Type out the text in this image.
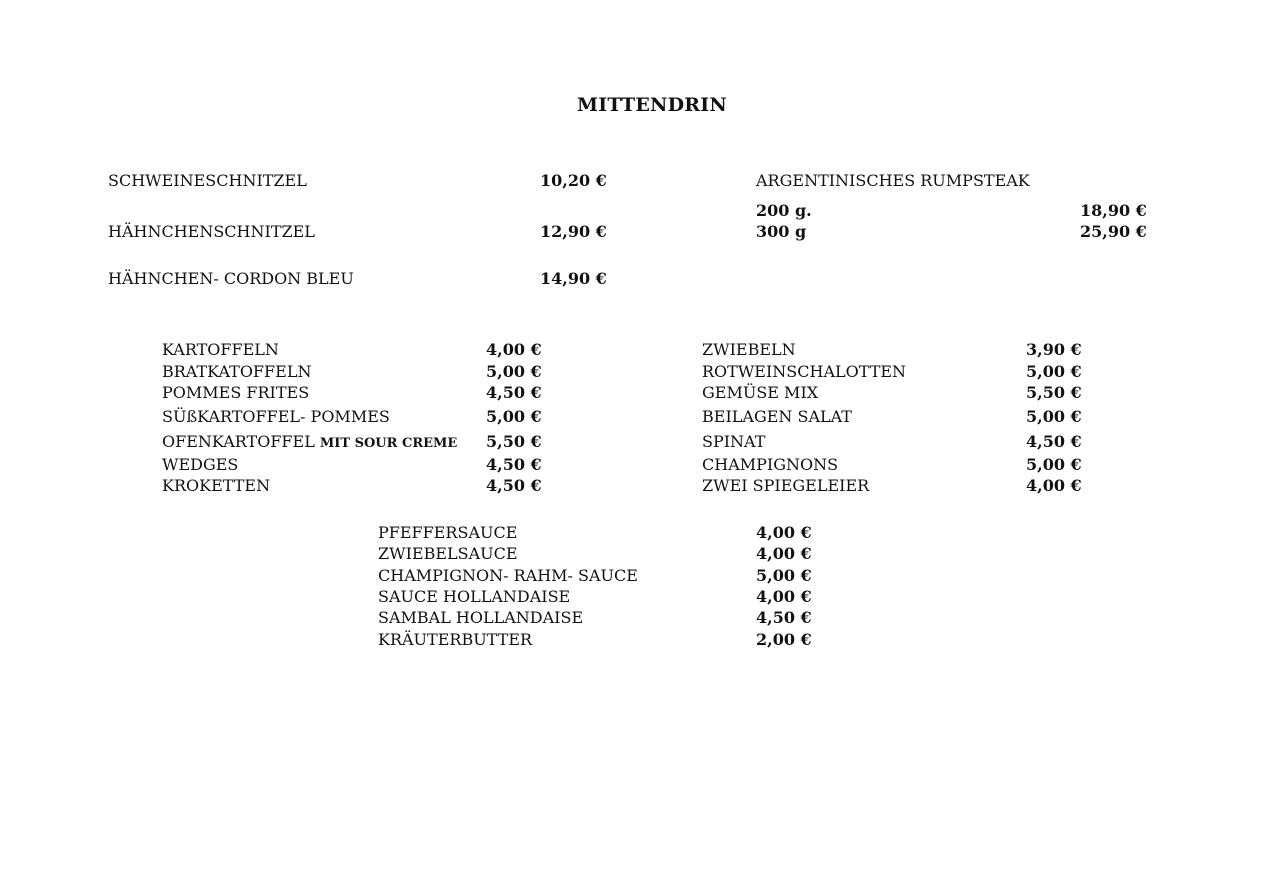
MITTENDRIN
SCHWEINESCHNITZEL	10,20 €
HÄHNCHENSCHNITZEL	12,90 €
HÄHNCHEN- CORDON BLEU	14,90 €
ARGENTINISCHES RUMPSTEAK
200 g.	18,90 €
300 g	25,90 €
KARTOFFELN	4,00 €
BRATKATOFFELN	5,00 €
POMMES FRITES	4,50 €
SÜßKARTOFFEL- POMMES	5,00 €
OFENKARTOFFEL MIT SOUR CREME 5,50 €
WEDGES	4,50 €
KROKETTEN	4,50 €
ZWIEBELN	3,90 €
ROTWEINSCHALOTTEN	5,00 €
GEMÜSE MIX	5,50 €
BEILAGEN SALAT	5,00 €
SPINAT	4,50 €
CHAMPIGNONS	5,00 €
ZWEI SPIEGELEIER	4,00 €
PFEFFERSAUCE	4,00 €
ZWIEBELSAUCE	4,00 €
CHAMPIGNON- RAHM- SAUCE	5,00 €
SAUCE HOLLANDAISE	4,00 €
SAMBAL HOLLANDAISE	4,50 €
KRÄUTERBUTTER	2,00 €
